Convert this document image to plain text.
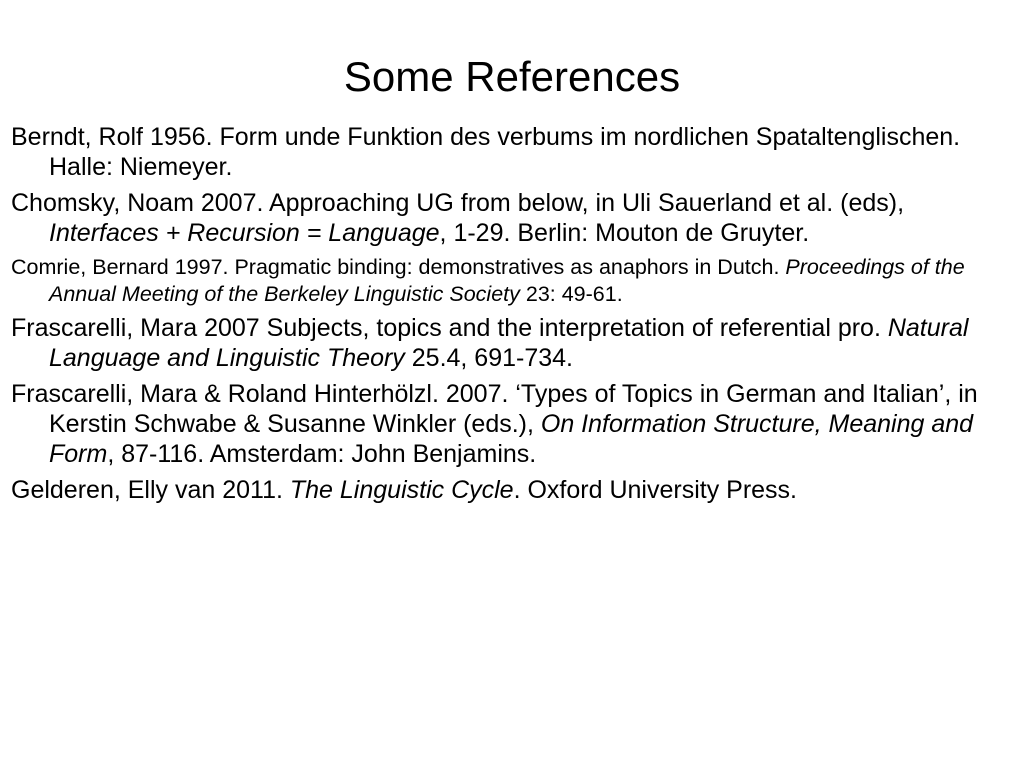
Some References
Berndt, Rolf 1956. Form unde Funktion des verbums im nordlichen Spataltenglischen. Halle: Niemeyer.
Chomsky, Noam 2007. Approaching UG from below, in Uli Sauerland et al. (eds), Interfaces + Recursion = Language, 1-29. Berlin: Mouton de Gruyter.
Comrie, Bernard 1997. Pragmatic binding: demonstratives as anaphors in Dutch. Proceedings of the Annual Meeting of the Berkeley Linguistic Society 23: 49-61.
Frascarelli, Mara 2007 Subjects, topics and the interpretation of referential pro. Natural Language and Linguistic Theory 25.4, 691-734.
Frascarelli, Mara & Roland Hinterhölzl. 2007. ‘Types of Topics in German and Italian’, in Kerstin Schwabe & Susanne Winkler (eds.), On Information Structure, Meaning and Form, 87-116. Amsterdam: John Benjamins.
Gelderen, Elly van 2011. The Linguistic Cycle. Oxford University Press.
